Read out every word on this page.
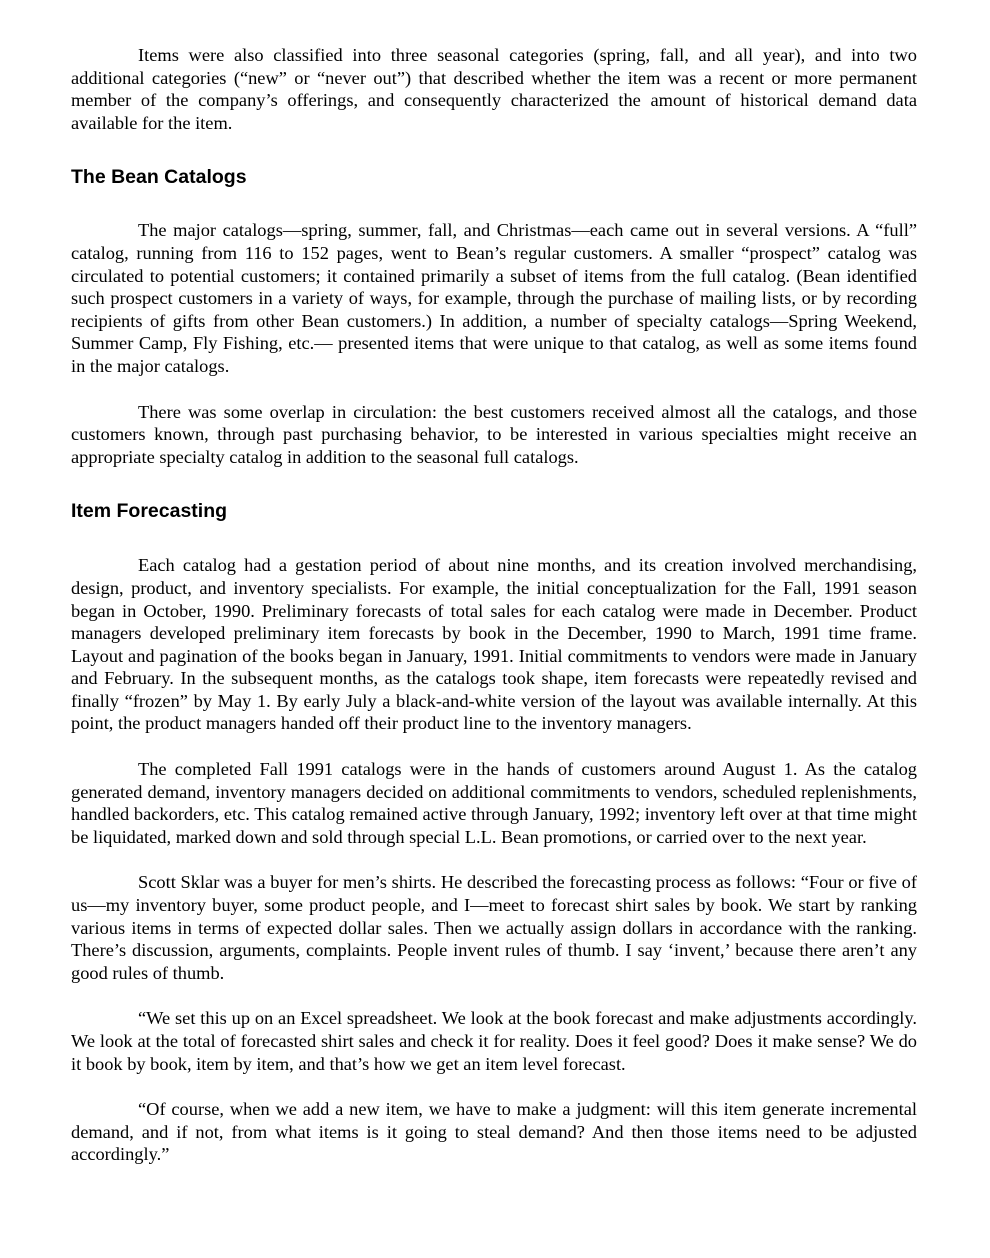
Items were also classified into three seasonal categories (spring, fall, and all year), and into two additional categories (“new” or “never out”) that described whether the item was a recent or more permanent member of the company’s offerings, and consequently characterized the amount of historical demand data available for the item.

The Bean Catalogs

The major catalogs—spring, summer, fall, and Christmas—each came out in several versions. A “full” catalog, running from 116 to 152 pages, went to Bean’s regular customers. A smaller “prospect” catalog was circulated to potential customers; it contained primarily a subset of items from the full catalog. (Bean identified such prospect customers in a variety of ways, for example, through the purchase of mailing lists, or by recording recipients of gifts from other Bean customers.) In addition, a number of specialty catalogs—Spring Weekend, Summer Camp, Fly Fishing, etc.— presented items that were unique to that catalog, as well as some items found in the major catalogs.

There was some overlap in circulation: the best customers received almost all the catalogs, and those customers known, through past purchasing behavior, to be interested in various specialties might receive an appropriate specialty catalog in addition to the seasonal full catalogs.

Item Forecasting

Each catalog had a gestation period of about nine months, and its creation involved merchandising, design, product, and inventory specialists. For example, the initial conceptualization for the Fall, 1991 season began in October, 1990. Preliminary forecasts of total sales for each catalog were made in December. Product managers developed preliminary item forecasts by book in the December, 1990 to March, 1991 time frame. Layout and pagination of the books began in January, 1991. Initial commitments to vendors were made in January and February. In the subsequent months, as the catalogs took shape, item forecasts were repeatedly revised and finally “frozen” by May 1. By early July a black-and-white version of the layout was available internally. At this point, the product managers handed off their product line to the inventory managers.

The completed Fall 1991 catalogs were in the hands of customers around August 1. As the catalog generated demand, inventory managers decided on additional commitments to vendors, scheduled replenishments, handled backorders, etc. This catalog remained active through January, 1992; inventory left over at that time might be liquidated, marked down and sold through special L.L. Bean promotions, or carried over to the next year.

Scott Sklar was a buyer for men’s shirts. He described the forecasting process as follows: “Four or five of us—my inventory buyer, some product people, and I—meet to forecast shirt sales by book. We start by ranking various items in terms of expected dollar sales. Then we actually assign dollars in accordance with the ranking. There’s discussion, arguments, complaints. People invent rules of thumb. I say ‘invent,’ because there aren’t any good rules of thumb.

“We set this up on an Excel spreadsheet. We look at the book forecast and make adjustments accordingly. We look at the total of forecasted shirt sales and check it for reality. Does it feel good? Does it make sense? We do it book by book, item by item, and that’s how we get an item level forecast.

“Of course, when we add a new item, we have to make a judgment: will this item generate incremental demand, and if not, from what items is it going to steal demand? And then those items need to be adjusted accordingly.”
